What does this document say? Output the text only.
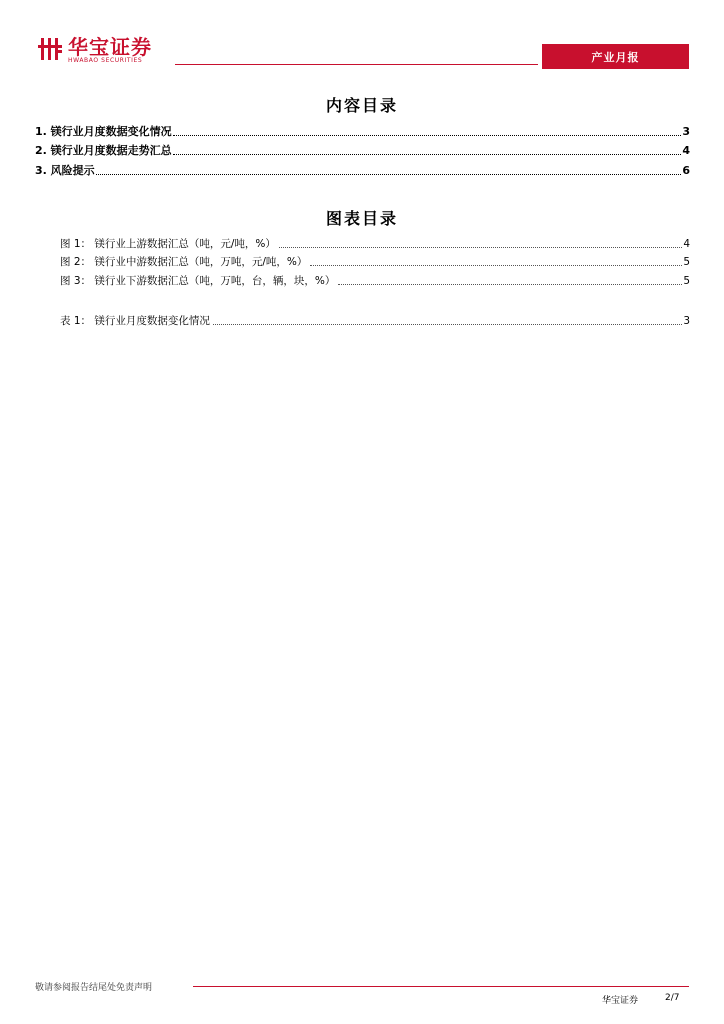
华宝证券
HWABAO SECURITIES	产业月报
内容目录
1. 镁行业月度数据变化情况	3
2. 镁行业月度数据走势汇总	4
3. 风险提示	6
图表目录
图 1： 镁行业上游数据汇总（吨，元/吨，%）	4
图 2： 镁行业中游数据汇总（吨，万吨，元/吨，%）	5
图 3： 镁行业下游数据汇总（吨，万吨，台，辆，块，%）	5
表 1： 镁行业月度数据变化情况	3
敬请参阅报告结尾处免责声明
华宝证券	2/7
